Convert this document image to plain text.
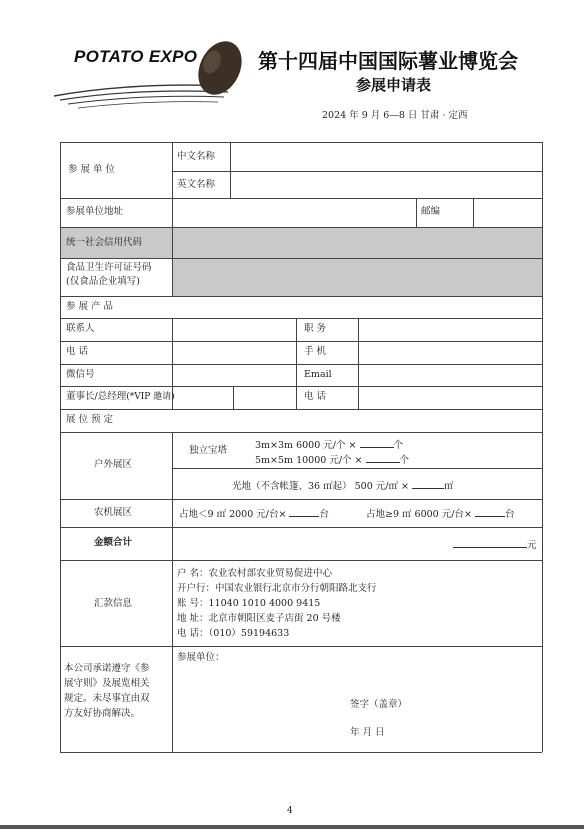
POTATO EXPO	第十四届中国国际薯业博览会
参展申请表
2024 年 9 月 6—8 日 甘肃 · 定西
参 展 单 位
中文名称
英文名称
参展单位地址	邮编
统一社会信用代码
食品卫生许可证号码
(仅食品企业填写)
参 展 产 品
联系人	职 务
电 话	手 机
微信号	Email
董事长/总经理(*VIP 邀请)	电 话
展 位 预 定
户外展区
独立宝塔	3m×3m 6000 元/个 ×	个
5m×5m 10000 元/个 ×	个
光地（不含帐篷、36 ㎡起） 500 元/㎡ ×	㎡
农机展区	占地＜9 ㎡ 2000 元/台×	台	占地≥9 ㎡ 6000 元/台×	台
金额合计	元
汇款信息
户 名：农业农村部农业贸易促进中心
开户行：中国农业银行北京市分行朝阳路北支行
账 号：11040 1010 4000 9415
地 址：北京市朝阳区麦子店街 20 号楼
电 话：（010）59194633
本公司承诺遵守《参
展守则》及展览相关
规定。未尽事宜由双
方友好协商解决。
参展单位：
签字（盖章）
年 月 日
4
